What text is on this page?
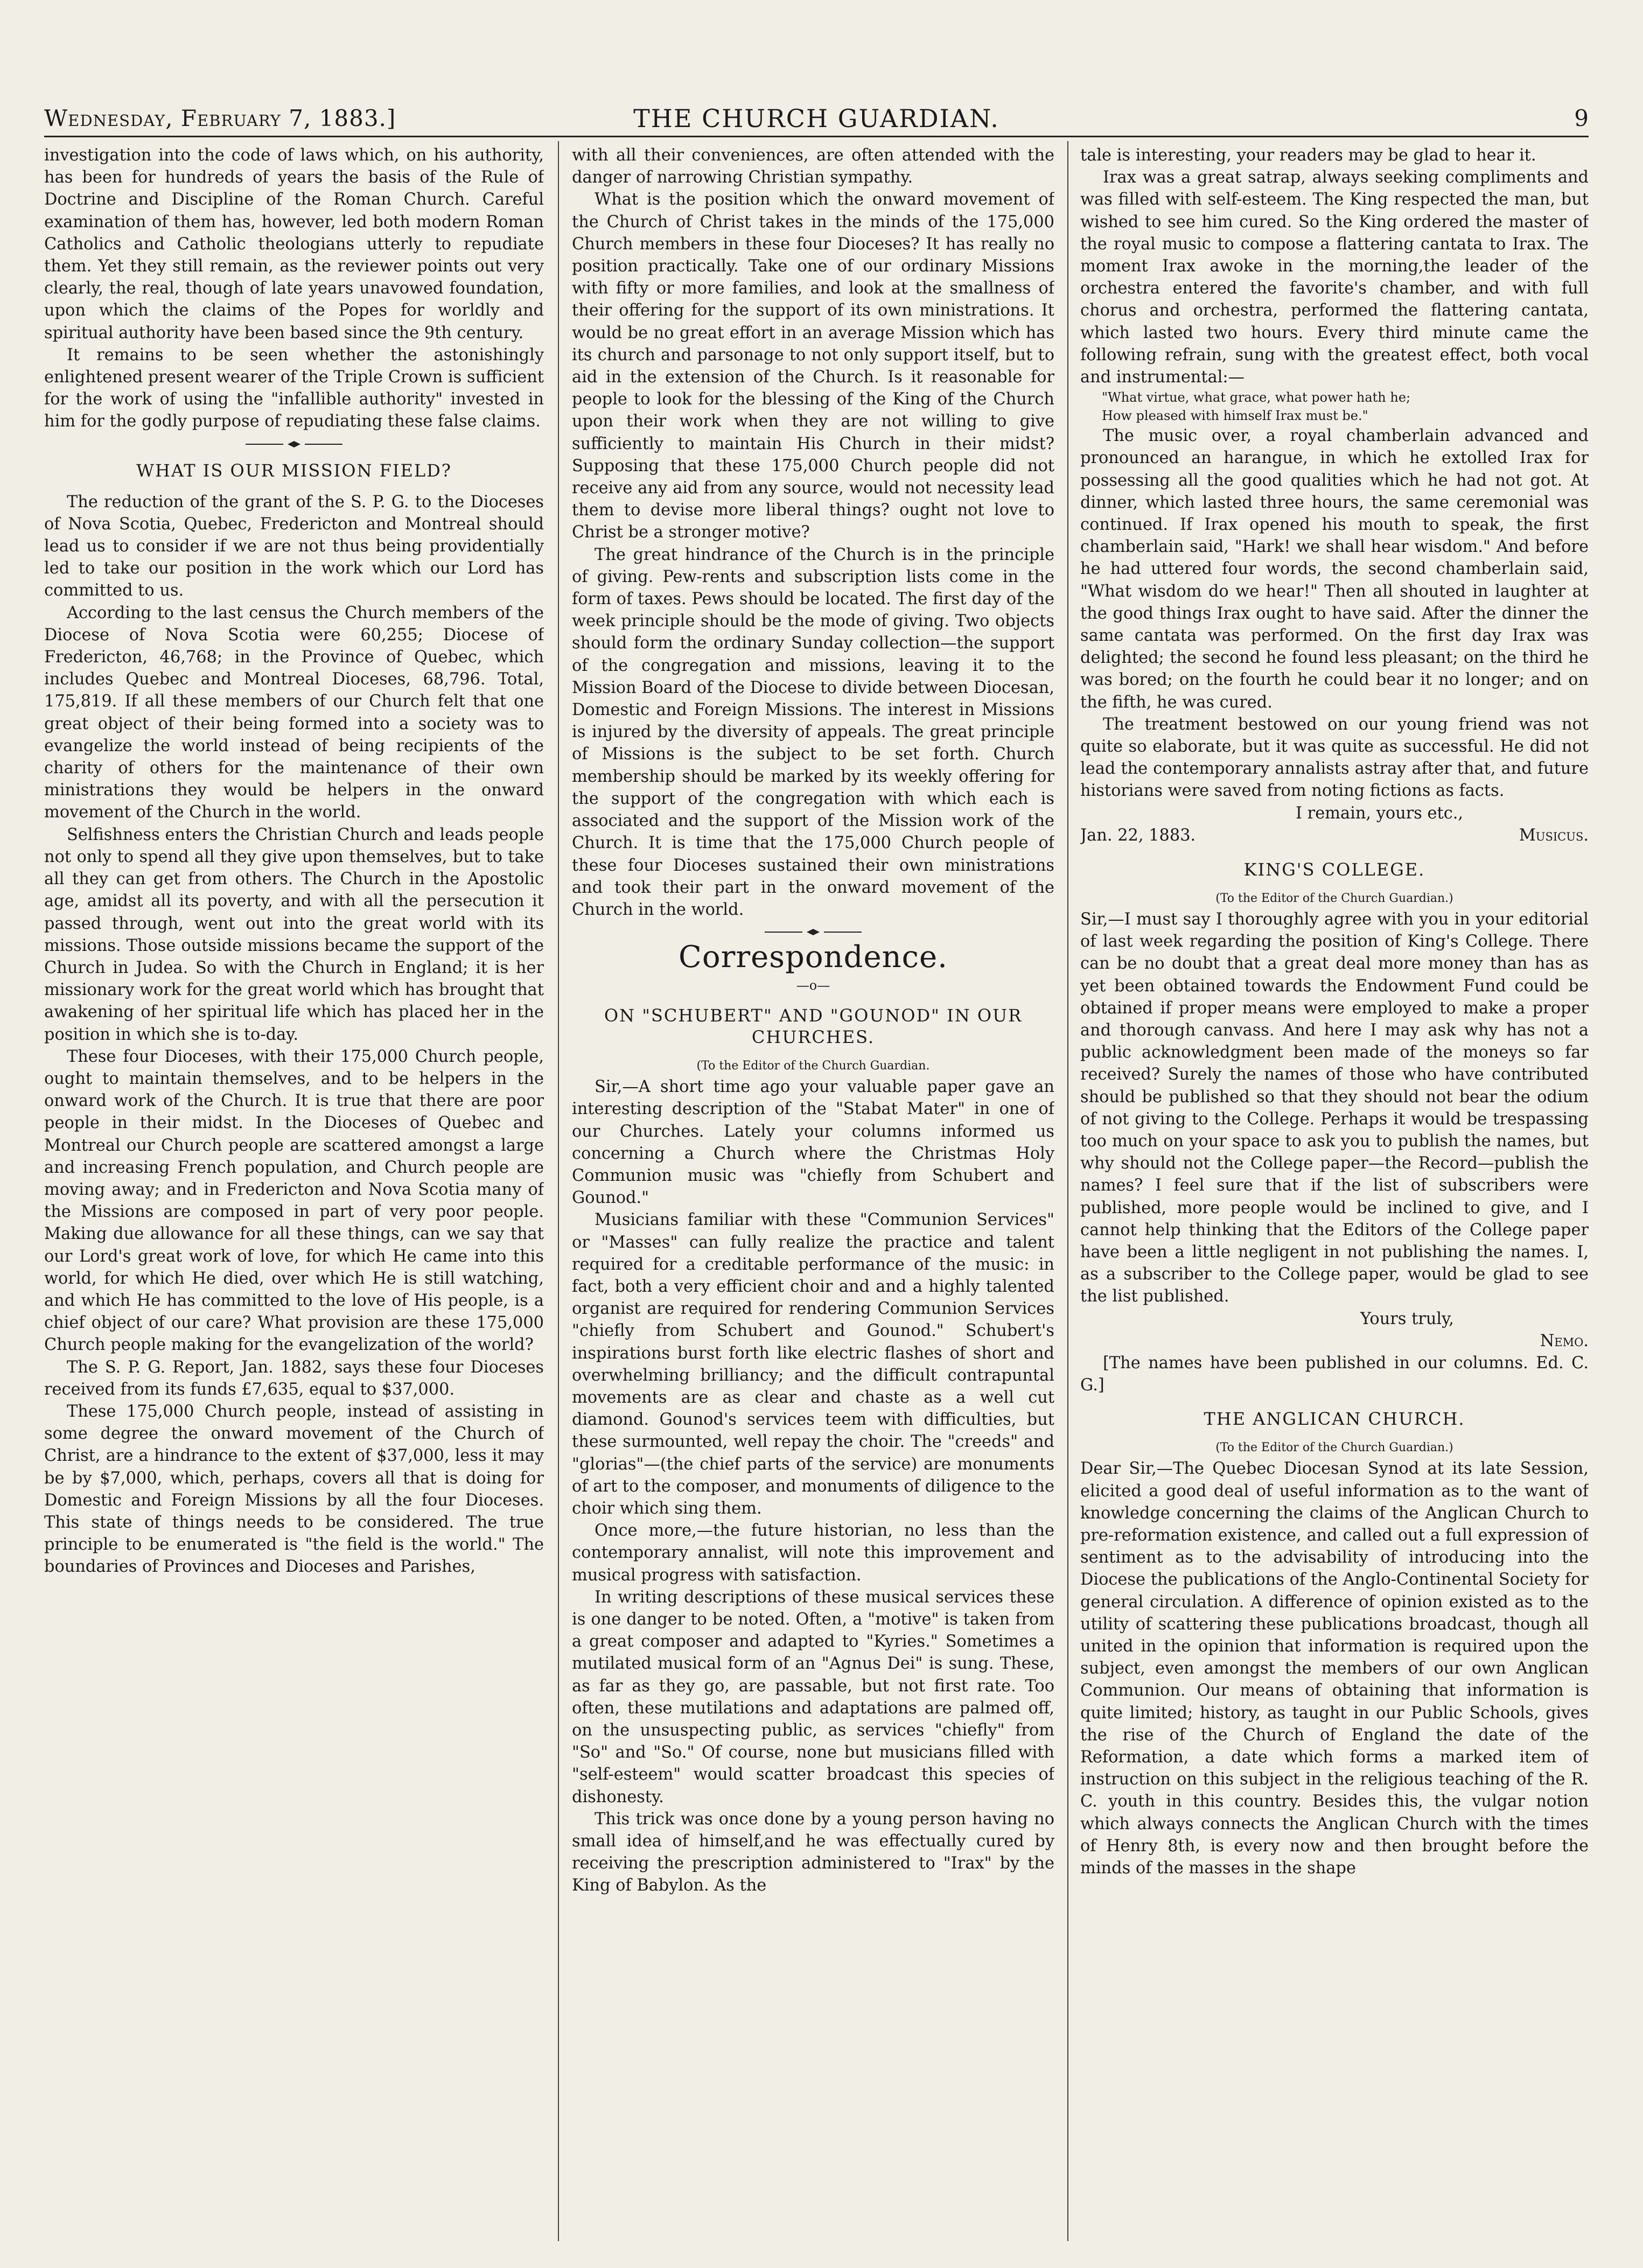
Wednesday, February 7, 1883.]	THE CHURCH GUARDIAN.	9

investigation into the code of laws which, on his authority, has been for hundreds of years the basis of the Rule of Doctrine and Discipline of the Roman Church. Careful examination of them has, however, led both modern Roman Catholics and Catholic theologians utterly to repudiate them. Yet they still remain, as the reviewer points out very clearly, the real, though of late years unavowed foundation, upon which the claims of the Popes for worldly and spiritual authority have been based since the 9th century.

It remains to be seen whether the astonishingly enlightened present wearer of the Triple Crown is sufficient for the work of using the "infallible authority" invested in him for the godly purpose of repudiating these false claims.

WHAT IS OUR MISSION FIELD?

The reduction of the grant of the S. P. G. to the Dioceses of Nova Scotia, Quebec, Fredericton and Montreal should lead us to consider if we are not thus being providentially led to take our position in the work which our Lord has committed to us.

According to the last census the Church members of the Diocese of Nova Scotia were 60,255; Diocese of Fredericton, 46,768; in the Province of Quebec, which includes Quebec and Montreal Dioceses, 68,796. Total, 175,819. If all these members of our Church felt that one great object of their being formed into a society was to evangelize the world instead of being recipients of the charity of others for the maintenance of their own ministrations they would be helpers in the onward movement of the Church in the world.

Selfishness enters the Christian Church and leads people not only to spend all they give upon themselves, but to take all they can get from others. The Church in the Apostolic age, amidst all its poverty, and with all the persecution it passed through, went out into the great world with its missions. Those outside missions became the support of the Church in Judea. So with the Church in England; it is her missionary work for the great world which has brought that awakening of her spiritual life which has placed her in the position in which she is to-day.

These four Dioceses, with their 175,000 Church people, ought to maintain themselves, and to be helpers in the onward work of the Church. It is true that there are poor people in their midst. In the Dioceses of Quebec and Montreal our Church people are scattered amongst a large and increasing French population, and Church people are moving away; and in Fredericton and Nova Scotia many of the Missions are composed in part of very poor people. Making due allowance for all these things, can we say that our Lord's great work of love, for which He came into this world, for which He died, over which He is still watching, and which He has committed to the love of His people, is a chief object of our care? What provision are these 175,000 Church people making for the evangelization of the world?

The S. P. G. Report, Jan. 1882, says these four Dioceses received from its funds £7,635, equal to $37,000.

These 175,000 Church people, instead of assisting in some degree the onward movement of the Church of Christ, are a hindrance to the extent of $37,000, less it may be by $7,000, which, perhaps, covers all that is doing for Domestic and Foreign Missions by all the four Dioceses. This state of things needs to be considered. The true principle to be enumerated is "the field is the world." The boundaries of Provinces and Dioceses and Parishes,

with all their conveniences, are often attended with the danger of narrowing Christian sympathy.

What is the position which the onward movement of the Church of Christ takes in the minds of the 175,000 Church members in these four Dioceses? It has really no position practically. Take one of our ordinary Missions with fifty or more families, and look at the smallness of their offering for the support of its own ministrations. It would be no great effort in an average Mission which has its church and parsonage to not only support itself, but to aid in the extension of the Church. Is it reasonable for people to look for the blessing of the King of the Church upon their work when they are not willing to give sufficiently to maintain His Church in their midst? Supposing that these 175,000 Church people did not receive any aid from any source, would not necessity lead them to devise more liberal things? ought not love to Christ be a stronger motive?

The great hindrance of the Church is in the principle of giving. Pew-rents and subscription lists come in the form of taxes. Pews should be located. The first day of the week principle should be the mode of giving. Two objects should form the ordinary Sunday collection—the support of the congregation and missions, leaving it to the Mission Board of the Diocese to divide between Diocesan, Domestic and Foreign Missions. The interest in Missions is injured by the diversity of appeals. The great principle of Missions is the subject to be set forth. Church membership should be marked by its weekly offering for the support of the congregation with which each is associated and the support of the Mission work of the Church. It is time that the 175,000 Church people of these four Dioceses sustained their own ministrations and took their part in the onward movement of the Church in the world.

Correspondence.

—o—

ON "SCHUBERT" AND "GOUNOD" IN OUR CHURCHES.

(To the Editor of the Church Guardian.

Sir,—A short time ago your valuable paper gave an interesting description of the "Stabat Mater" in one of our Churches. Lately your columns informed us concerning a Church where the Christmas Holy Communion music was "chiefly from Schubert and Gounod."

Musicians familiar with these "Communion Services" or "Masses" can fully realize the practice and talent required for a creditable performance of the music: in fact, both a very efficient choir and and a highly talented organist are required for rendering Communion Services "chiefly from Schubert and Gounod." Schubert's inspirations burst forth like electric flashes of short and overwhelming brilliancy; and the difficult contrapuntal movements are as clear and chaste as a well cut diamond. Gounod's services teem with difficulties, but these surmounted, well repay the choir. The "creeds" and "glorias"—(the chief parts of the service) are monuments of art to the composer, and monuments of diligence to the choir which sing them.

Once more,—the future historian, no less than the contemporary annalist, will note this improvement and musical progress with satisfaction.

In writing descriptions of these musical services these is one danger to be noted. Often, a "motive" is taken from a great composer and adapted to "Kyries." Sometimes a mutilated musical form of an "Agnus Dei" is sung. These, as far as they go, are passable, but not first rate. Too often, these mutilations and adaptations are palmed off, on the unsuspecting public, as services "chiefly" from "So" and "So." Of course, none but musicians filled with "self-esteem" would scatter broadcast this species of dishonesty.

This trick was once done by a young person having no small idea of himself,and he was effectually cured by receiving the prescription administered to "Irax" by the King of Babylon. As the

tale is interesting, your readers may be glad to hear it.

Irax was a great satrap, always seeking compliments and was filled with self-esteem. The King respected the man, but wished to see him cured. So the King ordered the master of the royal music to compose a flattering cantata to Irax. The moment Irax awoke in the morning,the leader of the orchestra entered the favorite's chamber, and with full chorus and orchestra, performed the flattering cantata, which lasted two hours. Every third minute came the following refrain, sung with the greatest effect, both vocal and instrumental:—

"What virtue, what grace, what power hath he;
How pleased with himself Irax must be."

The music over, a royal chamberlain advanced and pronounced an harangue, in which he extolled Irax for possessing all the good qualities which he had not got. At dinner, which lasted three hours, the same ceremonial was continued. If Irax opened his mouth to speak, the first chamberlain said, "Hark! we shall hear wisdom." And before he had uttered four words, the second chamberlain said, "What wisdom do we hear!" Then all shouted in laughter at the good things Irax ought to have said. After the dinner the same cantata was performed. On the first day Irax was delighted; the second he found less pleasant; on the third he was bored; on the fourth he could bear it no longer; and on the fifth, he was cured.

The treatment bestowed on our young friend was not quite so elaborate, but it was quite as successful. He did not lead the contemporary annalists astray after that, and future historians were saved from noting fictions as facts.

I remain, yours etc.,

Jan. 22, 1883.	Musicus.
KING'S COLLEGE.

(To the Editor of the Church Guardian.)

Sir,—I must say I thoroughly agree with you in your editorial of last week regarding the position of King's College. There can be no doubt that a great deal more money than has as yet been obtained towards the Endowment Fund could be obtained if proper means were employed to make a proper and thorough canvass. And here I may ask why has not a public acknowledgment been made of the moneys so far received? Surely the names of those who have contributed should be published so that they should not bear the odium of not giving to the College. Perhaps it would be trespassing too much on your space to ask you to publish the names, but why should not the College paper—the Record—publish the names? I feel sure that if the list of subscribers were published, more people would be inclined to give, and I cannot help thinking that the Editors of the College paper have been a little negligent in not publishing the names. I, as a subscriber to the College paper, would be glad to see the list published.

Yours truly,

Nemo.

[The names have been published in our columns. Ed. C. G.]

THE ANGLICAN CHURCH.

(To the Editor of the Church Guardian.)

Dear Sir,—The Quebec Diocesan Synod at its late Session, elicited a good deal of useful information as to the want of knowledge concerning the claims of the Anglican Church to pre-reformation existence, and called out a full expression of sentiment as to the advisability of introducing into the Diocese the publications of the Anglo-Continental Society for general circulation. A difference of opinion existed as to the utility of scattering these publications broadcast, though all united in the opinion that information is required upon the subject, even amongst the members of our own Anglican Communion. Our means of obtaining that information is quite limited; history, as taught in our Public Schools, gives the rise of the Church of England the date of the Reformation, a date which forms a marked item of instruction on this subject in the religious teaching of the R. C. youth in this country. Besides this, the vulgar notion which always connects the Anglican Church with the times of Henry 8th, is every now and then brought before the minds of the masses in the shape
